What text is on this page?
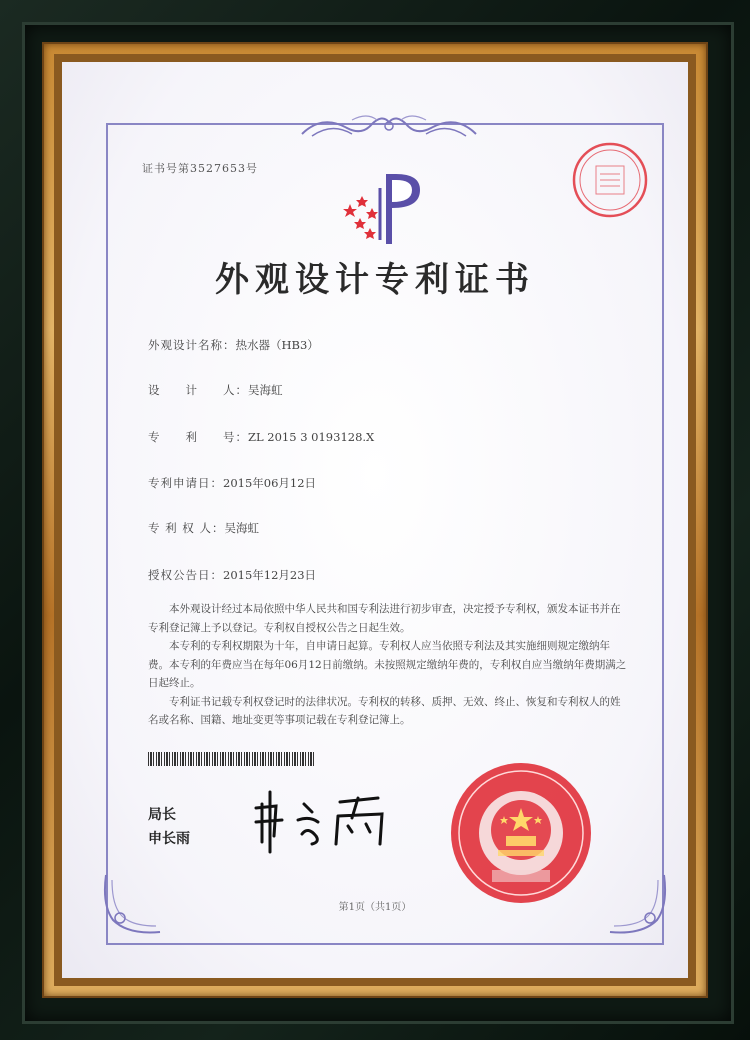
证书号第3527653号
外观设计专利证书
外观设计名称：热水器（HB3）
设　　计　　人：吴海虹
专　　利　　号：ZL 2015 3 0193128.X
专利申请日：2015年06月12日
专 利 权 人：吴海虹
授权公告日：2015年12月23日

本外观设计经过本局依照中华人民共和国专利法进行初步审查，决定授予专利权，颁发本证书并在专利登记簿上予以登记。专利权自授权公告之日起生效。

本专利的专利权期限为十年，自申请日起算。专利权人应当依照专利法及其实施细则规定缴纳年费。本专利的年费应当在每年06月12日前缴纳。未按照规定缴纳年费的，专利权自应当缴纳年费期满之日起终止。

专利证书记载专利权登记时的法律状况。专利权的转移、质押、无效、终止、恢复和专利权人的姓名或名称、国籍、地址变更等事项记载在专利登记簿上。

局长
申长雨
第1页（共1页）
